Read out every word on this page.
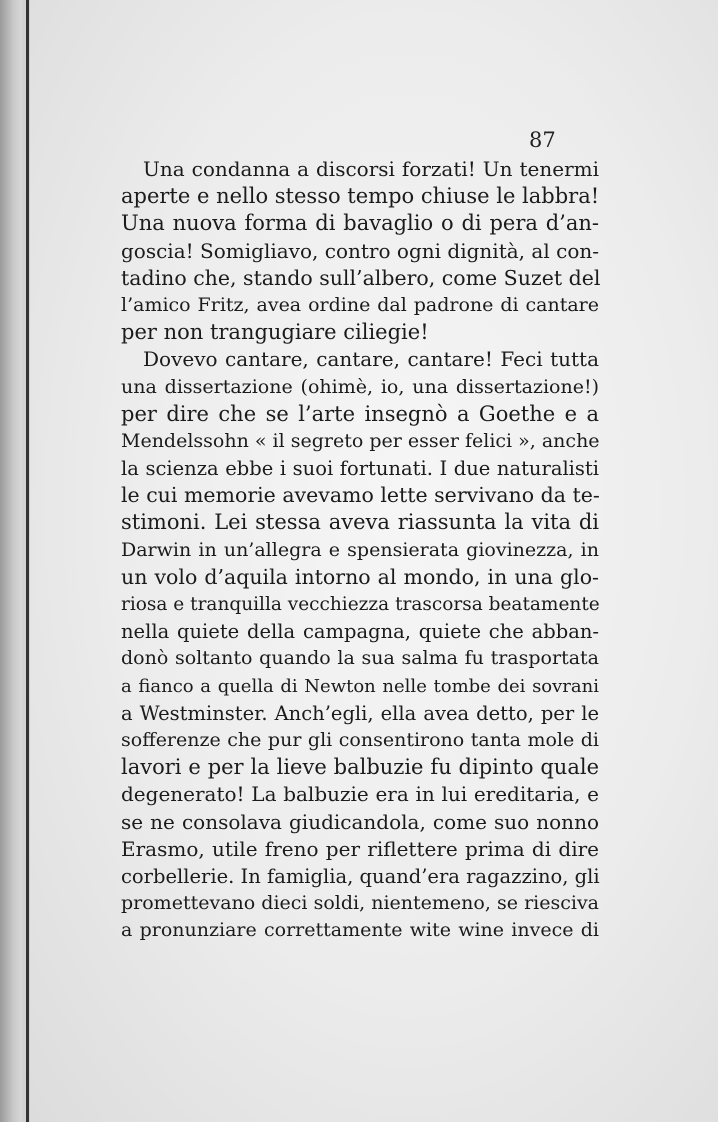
87
Una condanna a discorsi forzati! Un tenermi
aperte e nello stesso tempo chiuse le labbra!
Una nuova forma di bavaglio o di pera d’an-
goscia! Somigliavo, contro ogni dignità, al con-
tadino che, stando sull’albero, come Suzet del
l’amico Fritz, avea ordine dal padrone di cantare
per non trangugiare ciliegie!
Dovevo cantare, cantare, cantare! Feci tutta
una dissertazione (ohimè, io, una dissertazione!)
per dire che se l’arte insegnò a Goethe e a
Mendelssohn « il segreto per esser felici », anche
la scienza ebbe i suoi fortunati. I due naturalisti
le cui memorie avevamo lette servivano da te-
stimoni. Lei stessa aveva riassunta la vita di
Darwin in un’allegra e spensierata giovinezza, in
un volo d’aquila intorno al mondo, in una glo-
riosa e tranquilla vecchiezza trascorsa beatamente
nella quiete della campagna, quiete che abban-
donò soltanto quando la sua salma fu trasportata
a fianco a quella di Newton nelle tombe dei sovrani
a Westminster. Anch’egli, ella avea detto, per le
sofferenze che pur gli consentirono tanta mole di
lavori e per la lieve balbuzie fu dipinto quale
degenerato! La balbuzie era in lui ereditaria, e
se ne consolava giudicandola, come suo nonno
Erasmo, utile freno per riflettere prima di dire
corbellerie. In famiglia, quand’era ragazzino, gli
promettevano dieci soldi, nientemeno, se riesciva
a pronunziare correttamente wite wine invece di
